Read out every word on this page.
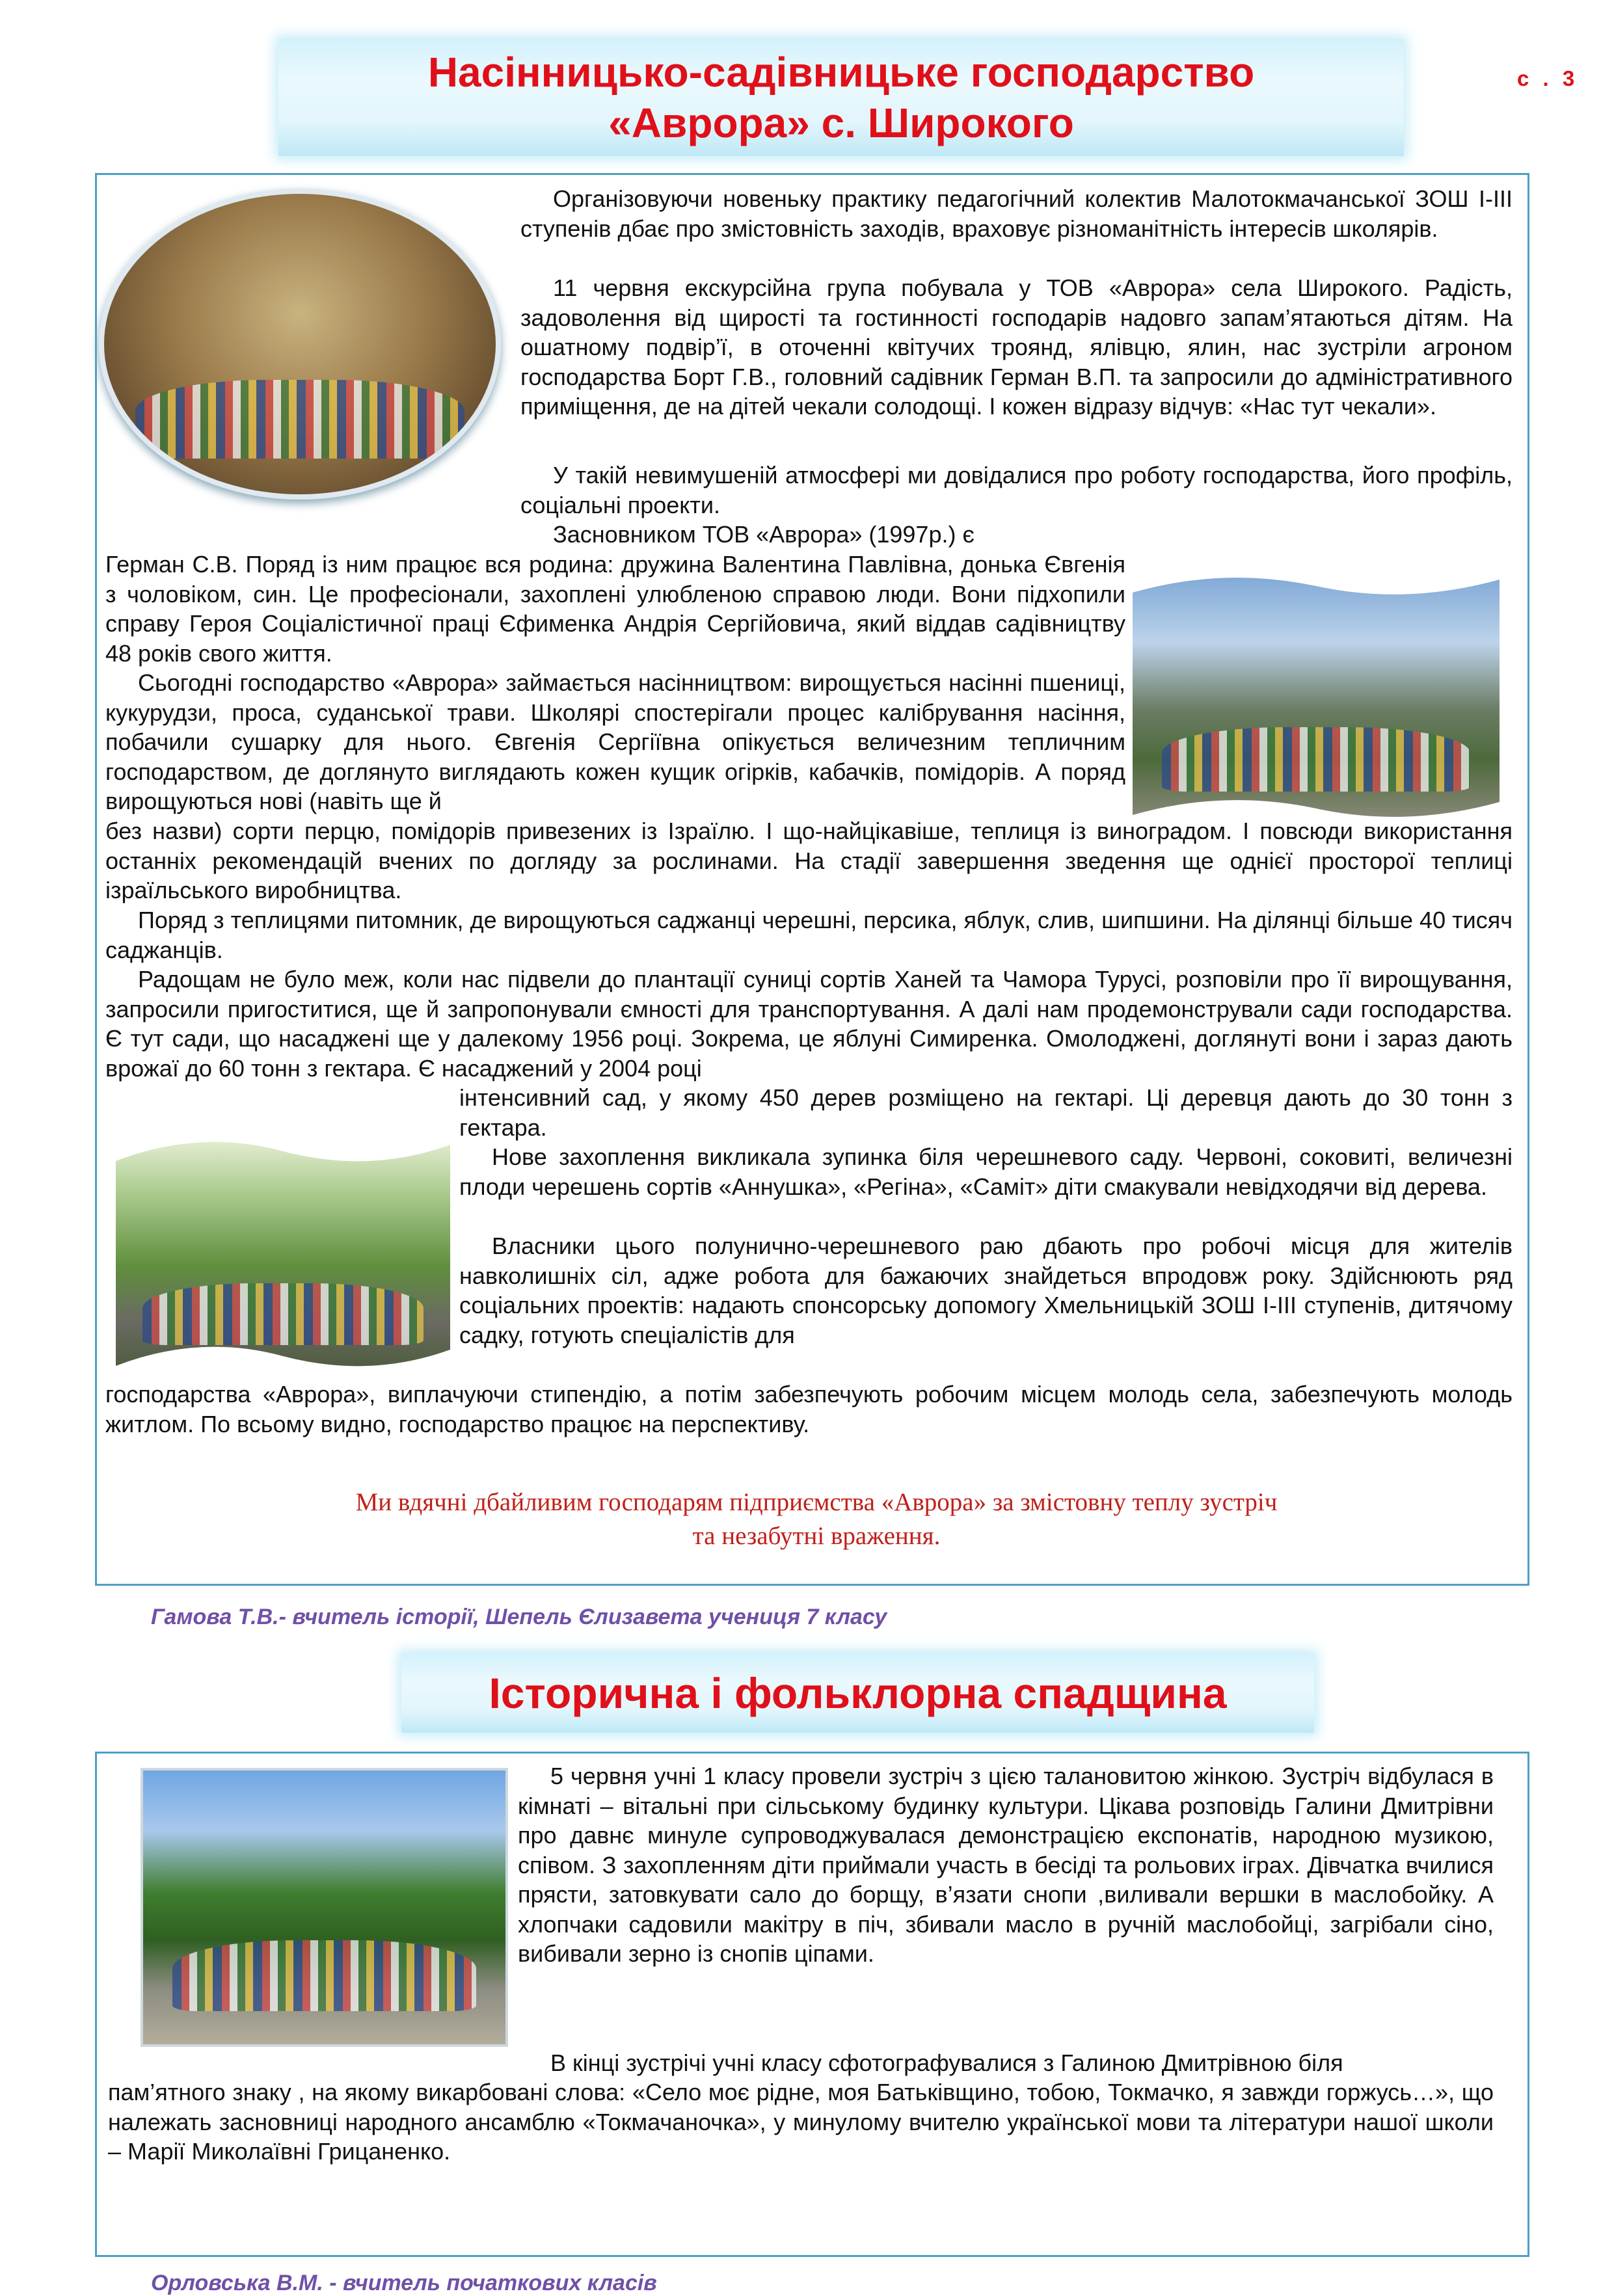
с . 3
Насінницько-садівницьке господарство
«Аврора» с. Широкого

Організовуючи новеньку практику педагогічний колектив Малотокмачанської ЗОШ І-ІІІ ступенів дбає про змістовність заходів, враховує різноманітність інтересів школярів.

11 червня екскурсійна група побувала у ТОВ «Аврора» села Широкого. Радість, задоволення від щирості та гостинності господарів надовго запам’ятаються дітям. На ошатному подвір’ї, в оточенні квітучих троянд, ялівцю, ялин, нас зустріли агроном господарства Борт Г.В., головний садівник Герман В.П. та запросили до адміністративного приміщення, де на дітей чекали солодощі. І кожен відразу відчув: «Нас тут чекали».

У такій невимушеній атмосфері ми довідалися про роботу господарства, його профіль, соціальні проекти.

Засновником ТОВ «Аврора» (1997р.) є

Герман С.В. Поряд із ним працює вся родина: дружина Валентина Павлівна, донька Євгенія з чоловіком, син. Це професіонали, захоплені улюбленою справою люди. Вони підхопили справу Героя Соціалістичної праці Єфименка Андрія Сергійовича, який віддав садівництву 48 років свого життя.

Сьогодні господарство «Аврора» займається насінництвом: вирощується насінні пшениці, кукурудзи, проса, суданської трави. Школярі спостерігали процес калібрування насіння, побачили сушарку для нього. Євгенія Сергіївна опікується величезним тепличним господарством, де доглянуто виглядають кожен кущик огірків, кабачків, помідорів. А поряд вирощуються нові (навіть ще й

без назви) сорти перцю, помідорів привезених із Ізраїлю. І що-найцікавіше, теплиця із виноградом. І повсюди використання останніх рекомендацій вчених по догляду за рослинами. На стадії завершення зведення ще однієї просторої теплиці ізраїльського виробництва.

Поряд з теплицями питомник, де вирощуються саджанці черешні, персика, яблук, слив, шипшини. На ділянці більше 40 тисяч саджанців.

Радощам не було меж, коли нас підвели до плантації суниці сортів Ханей та Чамора Турусі, розповіли про її вирощування, запросили пригоститися, ще й запропонували ємності для транспортування. А далі нам продемонстрували сади господарства. Є тут сади, що насаджені ще у далекому 1956 році. Зокрема, це яблуні Симиренка. Омолоджені, доглянуті вони і зараз дають врожаї до 60 тонн з гектара. Є насаджений у 2004 році

інтенсивний сад, у якому 450 дерев розміщено на гектарі. Ці деревця дають до 30 тонн з гектара.

Нове захоплення викликала зупинка біля черешневого саду. Червоні, соковиті, величезні плоди черешень сортів «Аннушка», «Регіна», «Саміт» діти смакували невідходячи від дерева.

Власники цього полунично-черешневого раю дбають про робочі місця для жителів навколишніх сіл, адже робота для бажаючих знайдеться впродовж року. Здійснюють ряд соціальних проектів: надають спонсорську допомогу Хмельницькій ЗОШ І-ІІІ ступенів, дитячому садку, готують спеціалістів для

господарства «Аврора», виплачуючи стипендію, а потім забезпечують робочим місцем молодь села, забезпечують молодь житлом. По всьому видно, господарство працює на перспективу.

Ми вдячні дбайливим господарям підприємства «Аврора» за змістовну теплу зустріч
та незабутні враження.

Гамова Т.В.- вчитель історії, Шепель Єлизавета учениця 7 класу

Історична і фольклорна спадщина

5 червня учні 1 класу провели зустріч з цією талановитою жінкою. Зустріч відбулася в кімнаті – вітальні при сільському будинку культури. Цікава розповідь Галини Дмитрівни про давнє минуле супроводжувалася демонстрацією експонатів, народною музикою, співом. З захопленням діти приймали участь в бесіді та рольових іграх. Дівчатка вчилися прясти, затовкувати сало до борщу, в’язати снопи ,виливали вершки в маслобойку. А хлопчаки садовили макітру в піч, збивали масло в ручній маслобойці, загрібали сіно, вибивали зерно із снопів ціпами.

В кінці зустрічі учні класу сфотографувалися з Галиною Дмитрівною біля

пам’ятного знаку , на якому викарбовані слова: «Село моє рідне, моя Батьківщино, тобою, Токмачко, я завжди горжусь…», що належать засновниці народного ансамблю «Токмачаночка», у минулому вчителю української мови та літератури нашої школи – Марії Миколаївні Грицаненко.

Орловська В.М. - вчитель початкових класів
